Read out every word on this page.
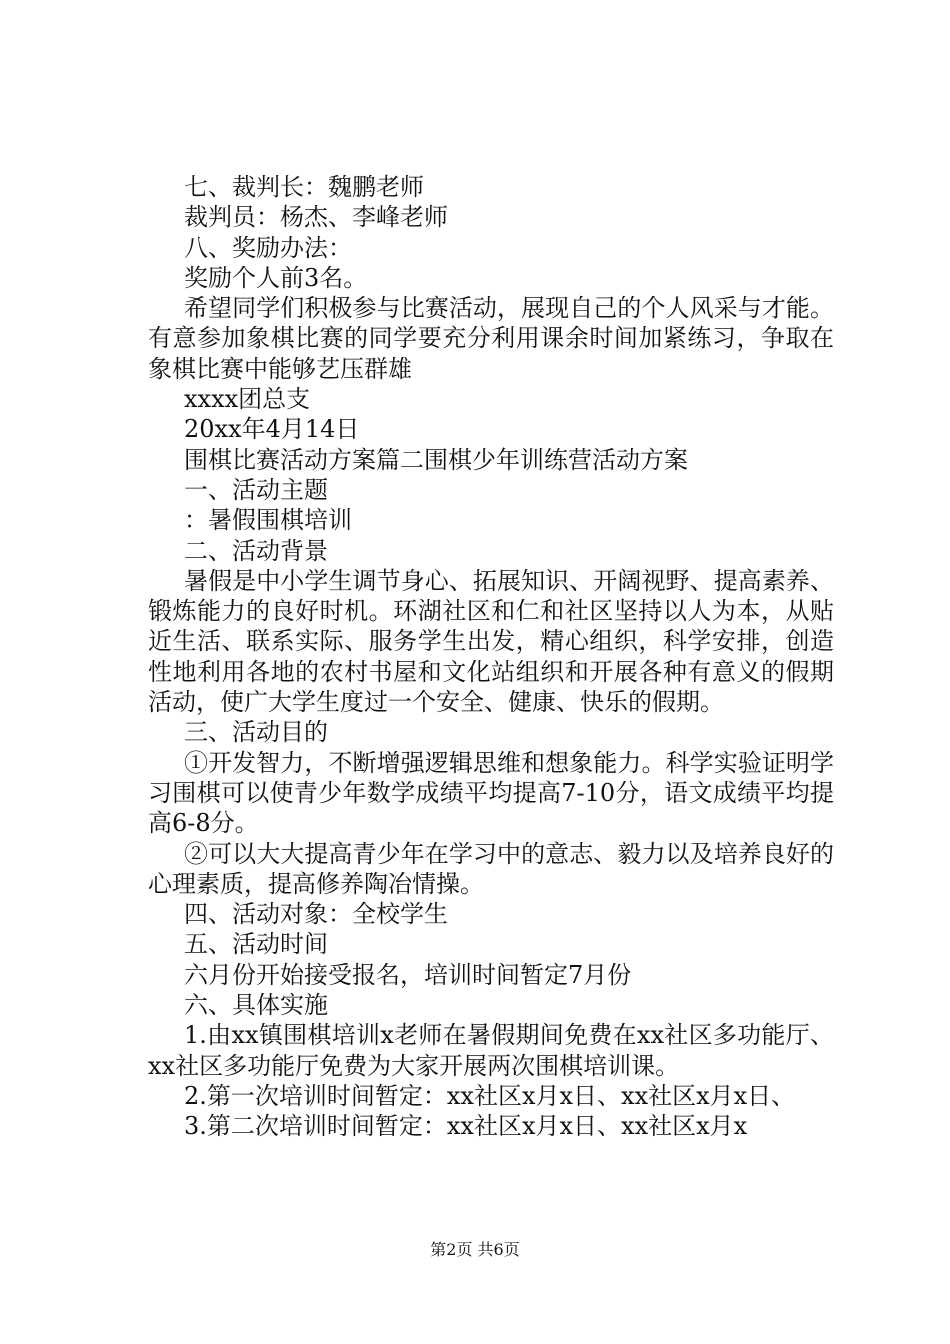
七、裁判长：魏鹏老师

裁判员：杨杰、李峰老师

八、奖励办法：

奖励个人前3名。

希望同学们积极参与比赛活动，展现自己的个人风采与才能。有意参加象棋比赛的同学要充分利用课余时间加紧练习，争取在象棋比赛中能够艺压群雄

xxxx团总支

20xx年4月14日

围棋比赛活动方案篇二围棋少年训练营活动方案

一、活动主题

：暑假围棋培训

二、活动背景

暑假是中小学生调节身心、拓展知识、开阔视野、提高素养、锻炼能力的良好时机。环湖社区和仁和社区坚持以人为本，从贴近生活、联系实际、服务学生出发，精心组织，科学安排，创造性地利用各地的农村书屋和文化站组织和开展各种有意义的假期活动，使广大学生度过一个安全、健康、快乐的假期。

三、活动目的

①开发智力，不断增强逻辑思维和想象能力。科学实验证明学习围棋可以使青少年数学成绩平均提高7-10分，语文成绩平均提高6-8分。

②可以大大提高青少年在学习中的意志、毅力以及培养良好的心理素质，提高修养陶冶情操。

四、活动对象：全校学生

五、活动时间

六月份开始接受报名，培训时间暂定7月份

六、具体实施

1.由xx镇围棋培训x老师在暑假期间免费在xx社区多功能厅、xx社区多功能厅免费为大家开展两次围棋培训课。

2.第一次培训时间暂定：xx社区x月x日、xx社区x月x日、

3.第二次培训时间暂定：xx社区x月x日、xx社区x月x

第2页 共6页
